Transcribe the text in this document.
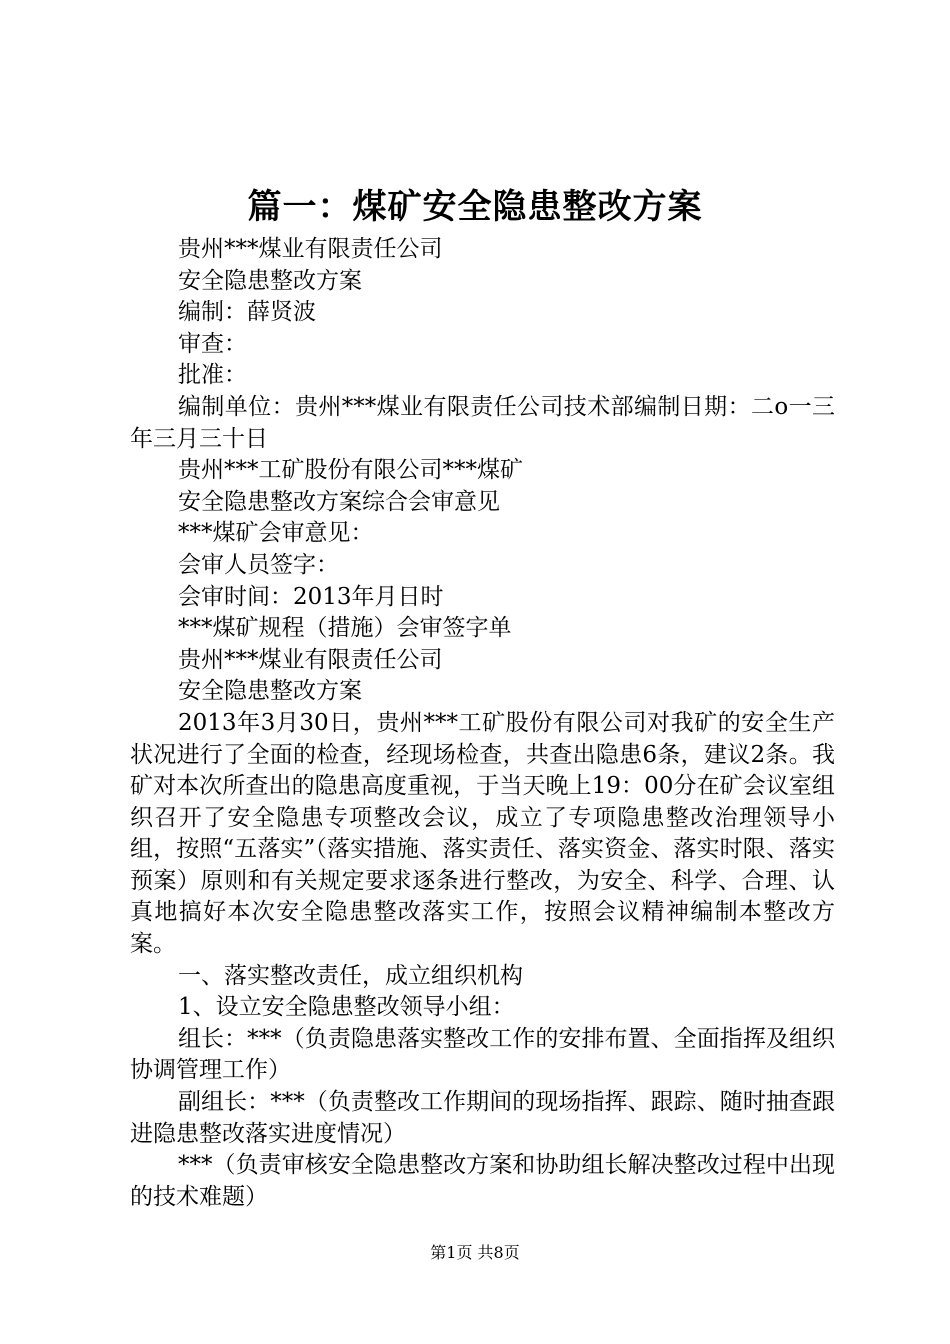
篇一：煤矿安全隐患整改方案

贵州***煤业有限责任公司

安全隐患整改方案

编制：薛贤波

审查：

批准：

编制单位：贵州***煤业有限责任公司技术部编制日期：二o一三年三月三十日

贵州***工矿股份有限公司***煤矿

安全隐患整改方案综合会审意见

***煤矿会审意见：

会审人员签字：

会审时间：2013年月日时

***煤矿规程（措施）会审签字单

贵州***煤业有限责任公司

安全隐患整改方案

2013年3月30日，贵州***工矿股份有限公司对我矿的安全生产状况进行了全面的检查，经现场检查，共查出隐患6条，建议2条。我矿对本次所查出的隐患高度重视，于当天晚上19：00分在矿会议室组织召开了安全隐患专项整改会议，成立了专项隐患整改治理领导小组，按照“五落实”（落实措施、落实责任、落实资金、落实时限、落实预案）原则和有关规定要求逐条进行整改，为安全、科学、合理、认真地搞好本次安全隐患整改落实工作，按照会议精神编制本整改方案。

一、落实整改责任，成立组织机构

1、设立安全隐患整改领导小组：

组长：***（负责隐患落实整改工作的安排布置、全面指挥及组织协调管理工作）

副组长：***（负责整改工作期间的现场指挥、跟踪、随时抽查跟进隐患整改落实进度情况）

***（负责审核安全隐患整改方案和协助组长解决整改过程中出现的技术难题）

第1页 共8页
